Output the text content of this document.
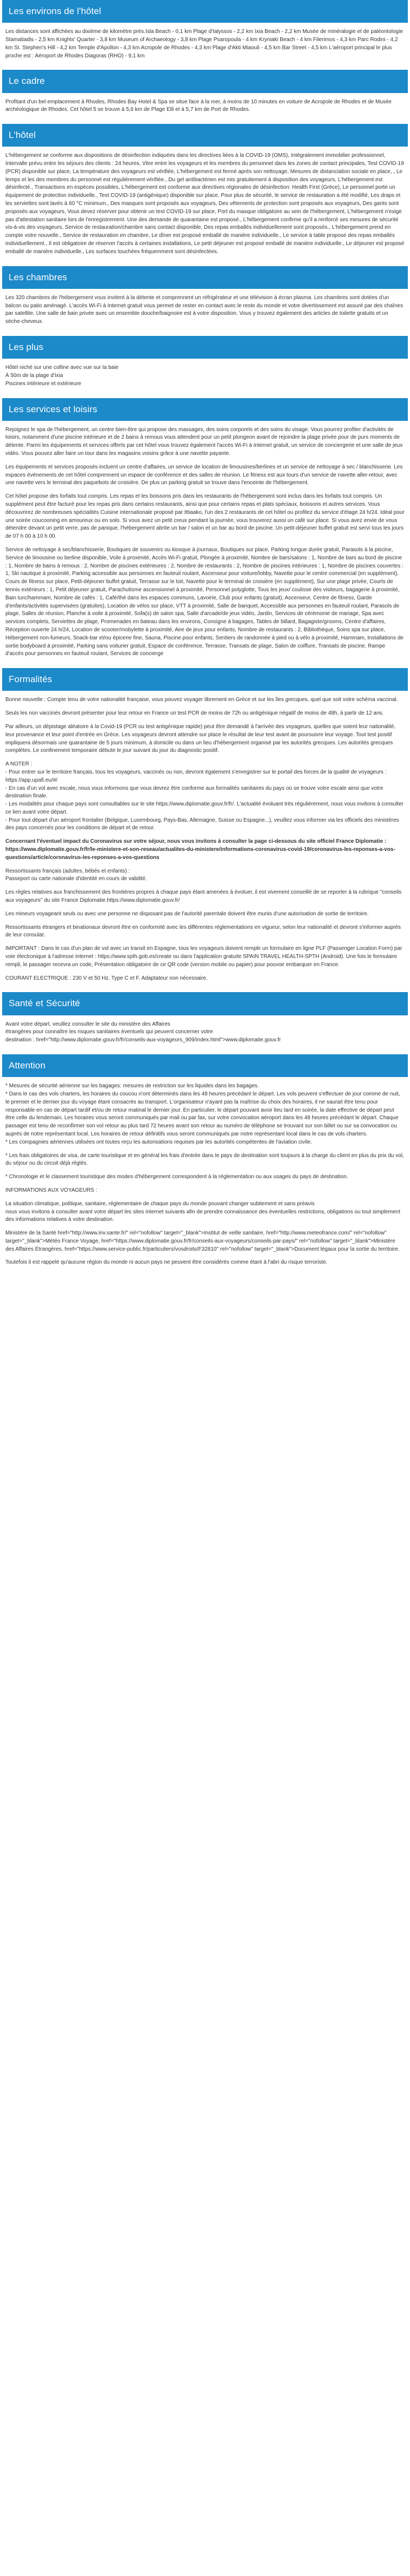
Les environs de l'hôtel

Les distances sont affichées au dixième de kilomètre près.Isla Beach - 0,1 km Plage d'Ialyssos - 2,2 km Ixia Beach - 2,2 km Musée de minéralogie et de paléontologie Stamatiadis - 2,5 km Knights' Quarter - 3,8 km Museum of Archaeology - 3,8 km Plage Psaropoula - 4 km Kryniaki Beach - 4 km Filerimos - 4,3 km Parc Rodini - 4,2 km St. Stephen's Hill - 4,2 km Temple d'Apollon - 4,3 km Acropole de Rhodes - 4,3 km Plage d'Akti Miaouli - 4,5 km Bar Street - 4,5 km L'aéroport principal le plus proche est : Aéroport de Rhodes Diagoras (RHO) - 9,1 km

Le cadre

Profitant d'un bel emplacement à Rhodes, Rhodes Bay Hotel & Spa se situe face à la mer, à moins de 10 minutes en voiture de Acropole de Rhodes et de Musée archéologique de Rhodes. Cet hôtel 5 se trouve à 5,6 km de Plage Elli et à 5,7 km de Port de Rhodes.

L'hôtel

L'hébergement se conforme aux dispositions de désinfection indiquées dans les directives liées à la COVID-19 (OMS), Intégralement immobilier professionnel, Intervalle prévu entre les séjours des clients : 24 heures, Vitre entre les voyageurs et les membres du personnel dans les zones de contact principales, Test COVID-19 (PCR) disponible sur place, La température des voyageurs est vérifiée, L'hébergement est fermé après son nettoyage, Mesures de distanciation sociale en place, , Le temps et les des membres du personnel est régulièrement vérifiée., Du gel antibactérien est mis gratuitement à disposition des voyageurs, L'hébergement est désinfecté., Transactions en espèces possibles, L'hébergement est conforme aux directives régionales de désinfection: Health First (Grèce), Le personnel porte un équipement de protection individuelle., Test COVID-19 (antigénique) disponible sur place, Pour plus de sécurité, le service de restauration a été modifié, Les draps et les serviettes sont lavés à 60 °C minimum., Des masques sont proposés aux voyageurs, Des vêtements de protection sont proposés aux voyageurs, Des gants sont proposés aux voyageurs, Vous devez réserver pour obtenir un test COVID-19 sur place, Port du masque obligatoire au sein de l'hébergement, L'hébergement n'exige pas d'attestation sanitaire lors de l'enregistrement. Une des demande de quarantaine est proposé., L'hébergement confirme qu'il a renforcé ses mesures de sécurité vis-à-vis des voyageurs, Service de restauration/chambre sans contact disponible, Des repas emballés individuellement sont proposés., L'hébergement prend en compte votre nouvelle., Service de restauration en chambre, Le dîner est proposé emballé de manière individuelle., Le service à table propose des repas emballés individuellement., Il est obligatoire de réserver l'accès à certaines installations, Le petit déjeuner est proposé emballé de manière individuelle., Le déjeuner est proposé emballé de manière individuelle., Les surfaces touchées fréquemment sont désinfectées.

Les chambres

Les 320 chambres de l'hébergement vous invitent à la détente et comprennent un réfrigérateur et une télévision à écran plasma. Les chambres sont dotées d'un balcon ou patio aménagé. L'accès Wi-Fi à Internet gratuit vous permet de rester en contact avec le reste du monde et votre divertissement est assuré par des chaînes par satellite. Une salle de bain privée avec un ensemble douche/baignoire est à votre disposition. Vous y trouvez également des articles de toilette gratuits et un sèche-cheveux.

Les plus
Hôtel niché sur une colline avec vue sur la baie
À 50m de la plage d'Ixia
Piscines intérieure et extérieure
Les services et loisirs

Rejoignez le spa de l'hébergement, un centre bien-être qui propose des massages, des soins corporels et des soins du visage. Vous pourrez profiter d'activités de loisirs, notamment d'une piscine intérieure et de 2 bains à remous vous attendent pour un petit plongeon avant de rejoindre la plage privée pour de purs moments de détente. Parmi les équipements et services offerts par cet hôtel vous trouvez également l'accès Wi-Fi à Internet gratuit, un service de conciergerie et une salle de jeux vidéo. Vous pouvez aller faire un tour dans les magasins voisins grâce à une navette payante.

Les équipements et services proposés incluent un centre d'affaires, un service de location de limousines/berlines et un service de nettoyage à sec / blanchisserie. Les espaces événements de cet hôtel comprennent un espace de conférence et des salles de réunion. Le fitness est aux tours d'un service de navette aller-retour, avec une navette vers le terminal des paquebots de croisière. De plus un parking gratuit se trouve dans l'enceinte de l'hébergement.

Cet hôtel propose des forfaits tout compris. Les repas et les boissons pris dans les restaurants de l'hébergement sont inclus dans les forfaits tout compris. Un supplément peut être facturé pour les repas pris dans certains restaurants, ainsi que pour certains repas et plats spéciaux, boissons et autres services. Vous découvrirez de nombreuses spécialités Cuisine internationale proposé par Ittiaako, l'un des 2 restaurants de cet hôtel ou profitez du service d'étage 24 h/24. Idéal pour une soirée coucooning en amoureux ou en solo. Si vous avez un petit creux pendant la journée, vous trouverez aussi un café sur place. Si vous avez envie de vous détendre devant un petit verre, pas de panique, l'hébergement abrite un bar / salon et un bar au bord de piscine. Un petit-déjeuner buffet gratuit est servi tous les jours de 07 h 00 à 10 h 00.

Service de nettoyage à sec/blanchisserie, Boutiques de souvenirs ou kiosque à journaux, Boutiques sur place, Parking longue durée gratuit, Parasols à la piscine, Service de limousine ou berline disponible, Voile à proximité, Accès Wi-Fi gratuit, Plongée à proximité, Nombre de bars/salons : 1, Nombre de bars au bord de piscine : 1, Nombre de bains à remous : 2, Nombre de piscines extérieures : 2, Nombre de restaurants : 2, Nombre de piscines intérieures : 1, Nombre de piscines couvertes : 1, Ski nautique à proximité, Parking accessible aux personnes en fauteuil roulant, Ascenseur pour voiture/lobby, Navette pour le centre commercial (en supplément), Cours de fitness sur place, Petit-déjeuner buffet gratuit, Terrasse sur le toit, Navette pour le terminal de croisière (en supplément), Sur une plage privée, Courts de tennis extérieurs : 1, Petit déjeuner gratuit, Parachutisme ascensionnel à proximité, Personnel polyglotte, Tous les jeux/ coulisse des visiteurs, bagagerie à proximité, Bain turc/hammam, Nombre de cafés : 1, Café/thé dans les espaces communs, Lavoirie, Club pour enfants (gratuit), Ascenseur, Centre de fitness, Garde d'enfants/activités supervisées (gratuites), Location de vélos sur place, VTT à proximité, Salle de banquet, Accessible aux personnes en fauteuil roulant, Parasols de plage, Salles de réunion, Planche à voile à proximité, Sofa(s) de salon spa, Salle d'arcade/de jeux vidéo, Jardin, Services de cérémonie de mariage, Spa avec services complets, Serviettes de plage, Promenades en bateau dans les environs, Consigne à bagages, Tables de billard, Bagagiste/grooms, Centre d'affaires, Réception ouverte 24 h/24, Location de scooter/mobylette à proximité, Aire de jeux pour enfants, Nombre de restaurants : 2, Bibliothèque, Soins spa sur place, Hébergement non-fumeurs, Snack-bar et/ou épicerie fine, Sauna, Piscine pour enfants, Sentiers de randonnée à pied ou à vélo à proximité, Hammam, Installations de sortie bodyboard à proximité, Parking sans voiturier gratuit, Espace de conférence, Terrasse, Transats de plage, Salon de coiffure, Transats de piscine, Rampe d'accès pour personnes en fauteuil roulant, Services de concierge

Formalités

Bonne nouvelle : Compte tenu de votre nationalité française, vous pouvez voyager librement en Grèce et sur les îles grecques, quel que soit votre schéma vaccinal.

Seuls les non vaccinés devront présenter pour leur retour en France un test PCR de moins de 72h ou antigénique négatif de moins de 48h, à partir de 12 ans.

Par ailleurs, un dépistage aléatoire à la Covid-19 (PCR ou test antigénique rapide) peut être demandé à l'arrivée des voyageurs, quelles que soient leur nationalité, leur provenance et leur point d'entrée en Grèce. Les voyageurs devront attendre sur place le résultat de leur test avant de poursuivre leur voyage. Tout test positif impliquera désormais une quarantaine de 5 jours minimum, à domicile ou dans un lieu d'hébergement organisé par les autorités grecques. Les autorités grecques complètes. Le confinement temporaire débute le jour suivant du jour du diagnostic positif.

A NOTER :
- Pour entrer sur le territoire français, tous les voyageurs, vaccinés ou non, devront également s'enregistrer sur le portail des forces de la qualité de voyageurs : https://app.upafi.eu/#/
- En cas d'un vol avec escale, nous vous informons que vous devrez être conforme aux formalités sanitaires du pays où se trouve votre escale ainsi que votre destination finale.
- Les modalités pour chaque pays sont consultables sur le site https://www.diplomatie.gouv.fr/fr/. L'actualité évoluant très régulièrement, nous vous invitons à consulter ce lien avant votre départ.
- Pour tout départ d'un aéroport frontalier (Belgique, Luxembourg, Pays-Bas, Allemagne, Suisse ou Espagne...), veuillez vous informer via les officiels des ministères des pays concernés pour les conditions de départ et de retour.

Concernant l'éventuel impact du Coronavirus sur votre séjour, nous vous invitons à consulter la page ci-dessous du site officiel France Diplomatie :
https://www.diplomatie.gouv.fr/fr/le-ministere-et-son-reseau/actualites-du-ministere/informations-coronavirus-covid-19/coronavirus-les-reponses-a-vos-questions/article/coronavirus-les-reponses-a-vos-questions

Ressortissants français (adultes, bébés et enfants) :
Passeport ou carte nationale d'identité en cours de validité.

Les règles relatives aux franchissement des frontières propres à chaque pays étant amenées à évoluer, il est vivement conseillé de se reporter à la rubrique "conseils aux voyageurs" du site France Diplomatie.https://www.diplomatie.gouv.fr/

Les mineurs voyageant seuls ou avec une personne ne disposant pas de l'autorité parentale doivent être munis d'une autorisation de sortie de territoire.

Ressortissants étrangers et binationaux devront être en conformité avec les différentes réglementations en vigueur, selon leur nationalité et devront s'informer auprès de leur consulat.

IMPORTANT : Dans le cas d'un plan de vol avec un transit en Espagne, tous les voyageurs doivent remplir un formulaire en ligne PLF (Passenger Location Form) par voie électronique à l'adresse internet : https://www.spth.gob.es/create ou dans l'application gratuite SPAIN TRAVEL HEALTH-SPTH (Android). Une fois le formulaire rempli, le passager recevra un code, Présentation obligatoire de ce QR code (version mobile ou papier) pour pouvoir embarquer en France.

COURANT ELECTRIQUE : 230 V et 50 Hz. Type C et F. Adaptateur non nécessaire.

Santé et Sécurité

Avant votre départ, veuillez consulter le site du ministère des Affaires
étrangères pour connaître les risques sanitaires éventuels qui peuvent concerner votre
destination : href="http://www.diplomatie.gouv.fr/fr/conseils-aux-voyageurs_909/index.html">www.diplomatie.gouv.fr

Attention

* Mesures de sécurité aérienne sur les bagages: mesures de restriction sur les liquides dans les bagages.
* Dans le cas des vols charters, les horaires du coucou n'ont déterminés dans les 48 heures précédant le départ. Les vols peuvent s'effectuer de jour comme de nuit, le premier et le dernier jour du voyage étant consacrés au transport. L'organisateur n'ayant pas la maîtrise du choix des horaires, il ne saurait être tenu pour responsable en cas de départ tardif et/ou de retour matinal le dernier jour. En particulier, le départ pouvant avoir lieu tard en soirée, la date effective de départ peut être celle du lendemain. Les horaires vous seront communiqués par mail ou par fax, sur votre convocation aéroport dans les 48 heures précédant le départ. Chaque passager est tenu de reconfirmer son vol retour au plus tard 72 heures avant son retour au numéro de téléphone se trouvant sur son billet ou sur sa convocation ou auprès de notre représentant local. Les horaires de retour définitifs vous seront communiqués par notre représentant local dans le cas de vols charters.
* Les compagnies aériennes utilisées ont toutes reçu les autorisations requises par les autorités compétentes de l'aviation civile.

* Les frais obligatoires de visa, de carte touristique et en général les frais d'entrée dans le pays de destination sont toujours à la charge du client en plus du prix du vol, du séjour ou du circuit déjà réglés.

* Chronologie et le classement touristique des modes d'hébergement correspondent à la réglementation ou aux usages du pays de destination.

INFORMATIONS AUX VOYAGEURS :

La situation climatique, politique, sanitaire, réglementaire de chaque pays du monde pouvant changer subitement et sans préavis
nous vous invitons à consulter avant votre départ les sites internet suivants afin de prendre connaissance des éventuelles restrictions, obligations ou tout simplement des informations relatives à votre destination.

Ministère de la Santé href="http://www.inv.sante.fr/" rel="nofollow" target="_blank">Institut de veille sanitaire, href="http://www.meteofrance.com/" rel="nofollow" target="_blank">Météo France Voyage, href="https://www.diplomatie.gouv.fr/fr/conseils-aux-voyageurs/conseils-par-pays/" rel="nofollow" target="_blank">Ministère des Affaires Étrangères, href="https://www.service-public.fr/particuliers/vosdroits/F32810" rel="nofollow" target="_blank">Document légaux pour la sortie du territoire.

Toutefois il est rappelé qu'aucune région du monde ni aucun pays ne peuvent être considérés comme étant à l'abri du risque terroriste.
